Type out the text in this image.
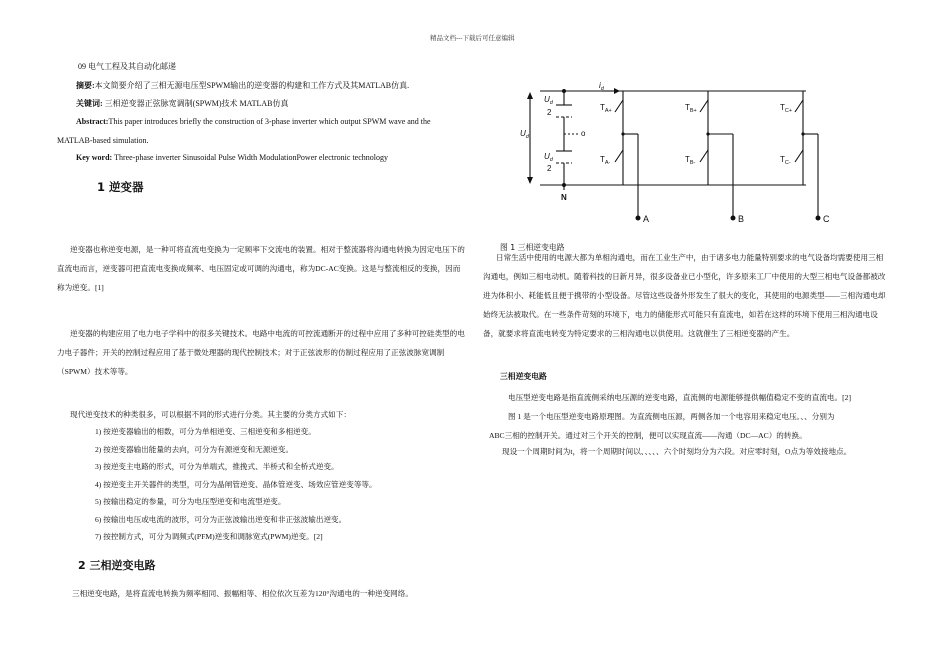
精品文档---下载后可任意编辑
09 电气工程及其自动化邮递
摘要:本文简要介绍了三相无源电压型SPWM输出的逆变器的构建和工作方式及其MATLAB仿真.
关键词: 三相逆变器正弦脉宽调制(SPWM)技术 MATLAB仿真
Abstract:This paper introduces briefly the construction of 3-phase inverter which output SPWM wave and the
MATLAB-based simulation.
Key word: Three-phase inverter Sinusoidal Pulse Width ModulationPower electronic technology
1 逆变器
逆变器也称逆变电源，是一种可将直流电变换为一定频率下交流电的装置。相对于整流器将沟通电转换为因定电压下的直流电而言，逆变器可把直流电变换成频率、电压固定或可调的沟通电，称为DC-AC变换。这是与整流相反的变换，因而称为逆变。[1]
逆变器的构建应用了电力电子学科中的很多关键技术。电路中电流的可控流通断开的过程中应用了多种可控硅类型的电力电子器件；开关的控制过程应用了基于微处理器的现代控制技术；对于正弦波形的仿制过程应用了正弦波脉宽调制（SPWM）技术等等。
现代逆变技术的种类很多，可以根据不同的形式进行分类。其主要的分类方式如下：
1) 按逆变器输出的相数，可分为单相逆变、三相逆变和多相逆变。
2) 按逆变器输出能量的去向，可分为有源逆变和无源逆变。
3) 按逆变主电路的形式，可分为单端式，推挽式、半桥式和全桥式逆变。
4) 按逆变主开关器件的类型，可分为晶闸管逆变、晶体管逆变、场效应管逆变等等。
5) 按输出稳定的参量，可分为电压型逆变和电流型逆变。
6) 按输出电压或电流的波形，可分为正弦波输出逆变和非正弦波输出逆变。
7) 按控制方式，可分为调频式(PFM)逆变和调脉宽式(PWM)逆变。[2]
2 三相逆变电路
三相逆变电路，是将直流电转换为频率相同、振幅相等、相位依次互差为120°沟通电的一种逆变网络。
$U_d$
2
$U_d$
2
$U_d$	o
N
$i_d$
$T_{A+}$
$T_{A-}$
$T_{B+}$
$T_{B-}$
$T_{C+}$
$T_{C-}$
A	B	C
图 1 三相逆变电路
日常生活中使用的电源大都为单相沟通电，而在工业生产中，由于诸多电力能量特别要求的电气设备均需要使用三相沟通电，例如三相电动机。随着科技的日新月异，很多设备业已小型化，许多原来工厂中使用的大型三相电气设备都被改进为体积小、耗能低且便于携带的小型设备。尽管这些设备外形发生了很大的变化，其使用的电源类型——三相沟通电却始终无法被取代。在一些条件苛刻的环境下，电力的储能形式可能只有直流电，如若在这样的环境下使用三相沟通电设备，就要求将直流电转变为特定要求的三相沟通电以供使用。这就催生了三相逆变器的产生。
三相逆变电路
电压型逆变电路是指直流侧采纳电压源的逆变电路，直流侧的电源能够提供幅值稳定不变的直流电。[2]
图 1 是一个电压型逆变电路原理图。为直流侧电压源，两侧各加一个电容用来稳定电压。、、分别为
ABC三相的控制开关。通过对三个开关的控制，便可以实现直流——沟通（DC—AC）的转换。
现设一个周期时间为t，将一个周期时间以、、、、、六个时刻均分为六段。对应零时刻，O点为等效接地点。
